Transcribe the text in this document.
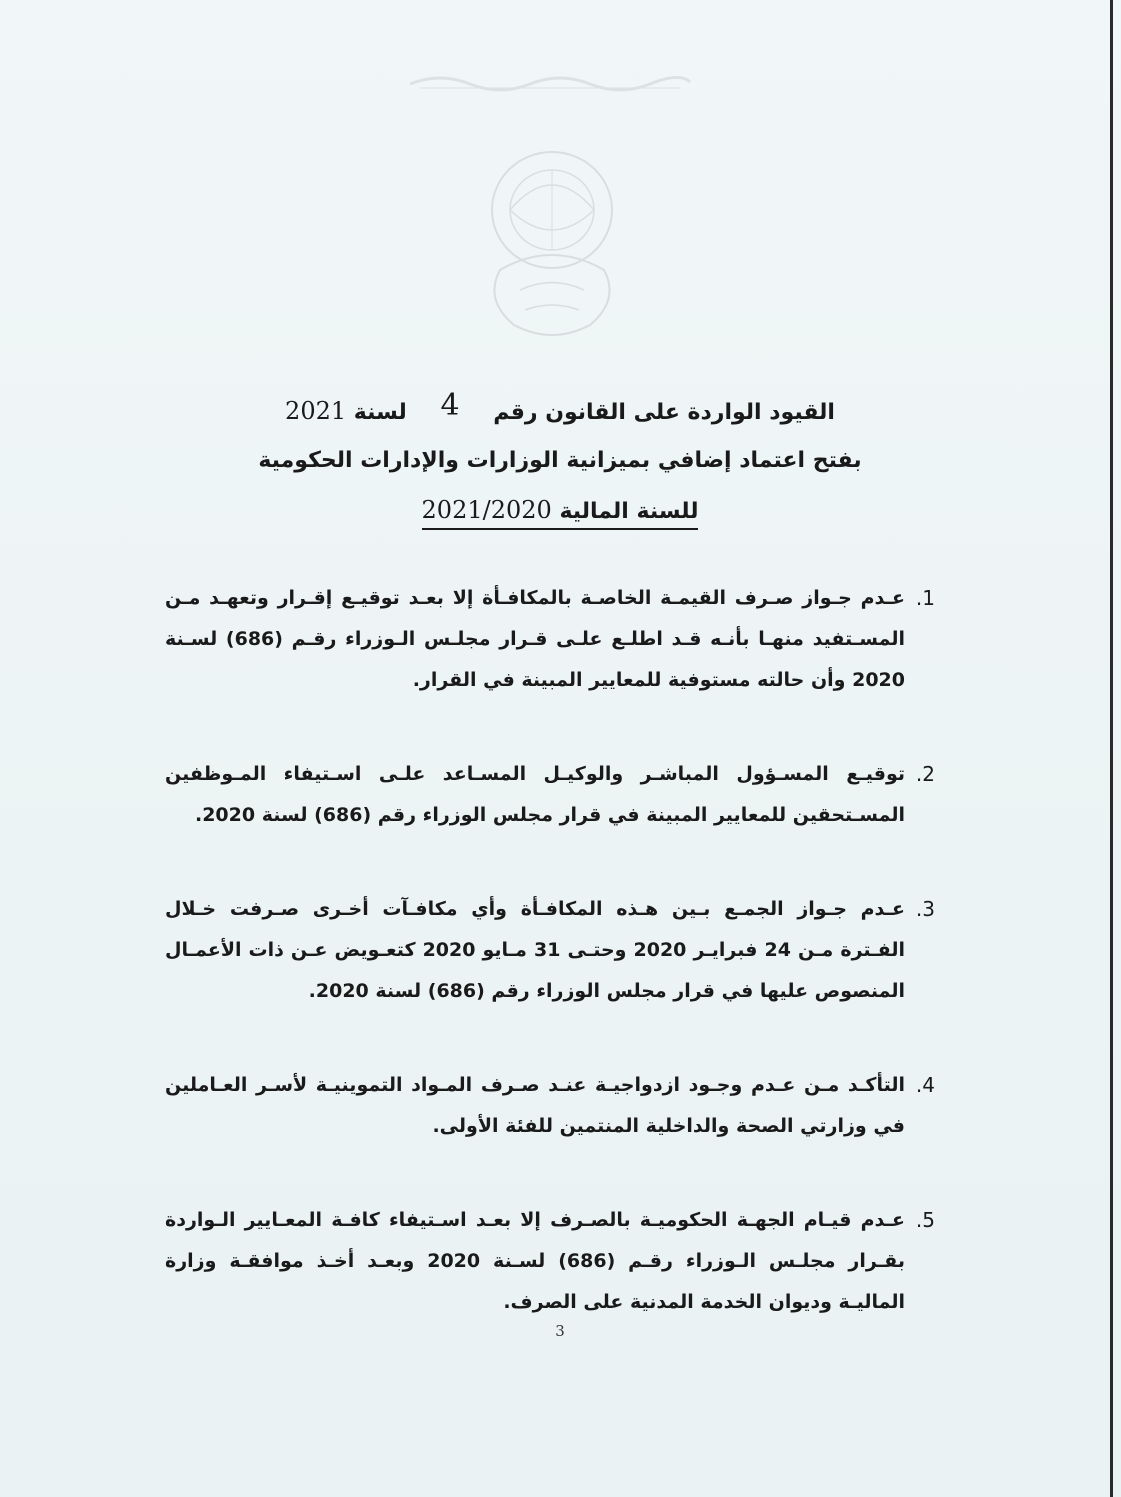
القيود الواردة على القانون رقم 4 لسنة 2021
بفتح اعتماد إضافي بميزانية الوزارات والإدارات الحكومية
للسنة المالية 2021/2020
1.
عـدم جـواز صـرف القيمـة الخاصـة بالمكافـأة إلا بعـد توقيـع إقـرار وتعهـد مـن المسـتفيد منهـا بأنـه قـد اطلـع علـى قـرار مجلـس الـوزراء رقـم (686) لسـنة 2020 وأن حالته مستوفية للمعايير المبينة في القرار.
2.
توقيـع المسـؤول المباشـر والوكيـل المسـاعد علـى اسـتيفاء المـوظفين المسـتحقين للمعايير المبينة في قرار مجلس الوزراء رقم (686) لسنة 2020.
3.
عـدم جـواز الجمـع بـين هـذه المكافـأة وأي مكافـآت أخـرى صـرفت خـلال الفـترة مـن 24 فبرايـر 2020 وحتـى 31 مـايو 2020 كتعـويض عـن ذات الأعمـال المنصوص عليها في قرار مجلس الوزراء رقم (686) لسنة 2020.
4.
التأكـد مـن عـدم وجـود ازدواجيـة عنـد صـرف المـواد التموينيـة لأسـر العـاملين في وزارتي الصحة والداخلية المنتمين للفئة الأولى.
5.
عـدم قيـام الجهـة الحكوميـة بالصـرف إلا بعـد اسـتيفاء كافـة المعـايير الـواردة بقـرار مجلـس الـوزراء رقـم (686) لسـنة 2020 وبعـد أخـذ موافقـة وزارة الماليـة وديوان الخدمة المدنية على الصرف.
3
